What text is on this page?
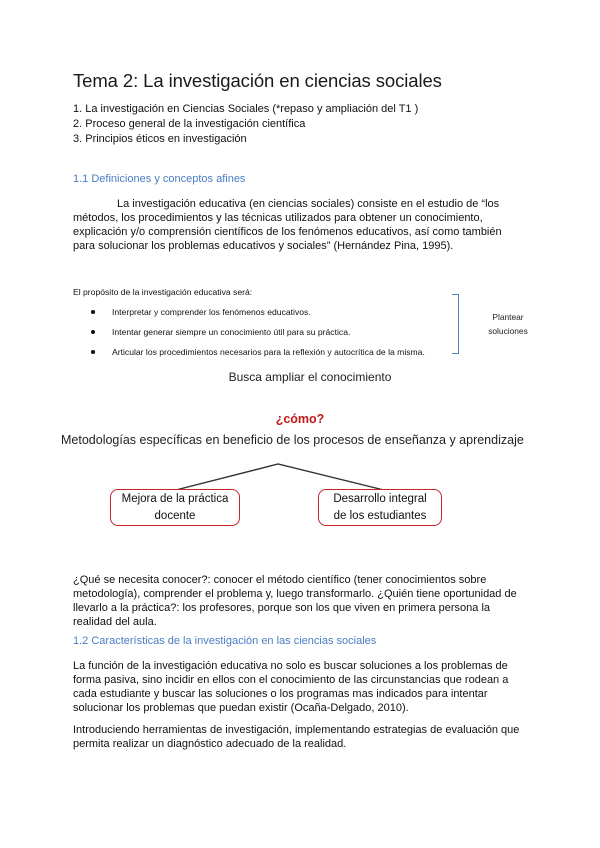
Tema 2: La investigación en ciencias sociales
1. La investigación en Ciencias Sociales (*repaso y ampliación del T1 )
2. Proceso general de la investigación científica
3. Principios éticos en investigación
1.1 Definiciones y conceptos afines

La investigación educativa (en ciencias sociales) consiste en el estudio de “los métodos, los procedimientos y las técnicas utilizados para obtener un conocimiento, explicación y/o comprensión científicos de los fenómenos educativos, así como también para solucionar los problemas educativos y sociales” (Hernández Pina, 1995).

El propósito de la investigación educativa será:
Interpretar y comprender los fenómenos educativos.
Intentar generar siempre un conocimiento útil para su práctica.
Articular los procedimientos necesarios para la reflexión y autocrítica de la misma.
Plantear
soluciones
Busca ampliar el conocimiento
¿cómo?
Metodologías específicas en beneficio de los procesos de enseñanza y aprendizaje
Mejora de la práctica
docente
Desarrollo integral
de los estudiantes

¿Qué se necesita conocer?: conocer el método científico (tener conocimientos sobre metodología), comprender el problema y, luego transformarlo. ¿Quién tiene oportunidad de llevarlo a la práctica?: los profesores, porque son los que viven en primera persona la realidad del aula.

1.2 Características de la investigación en las ciencias sociales

La función de la investigación educativa no solo es buscar soluciones a los problemas de forma pasiva, sino incidir en ellos con el conocimiento de las circunstancias que rodean a cada estudiante y buscar las soluciones o los programas mas indicados para intentar solucionar los problemas que puedan existir (Ocaña-Delgado, 2010).

Introduciendo herramientas de investigación, implementando estrategias de evaluación que permita realizar un diagnóstico adecuado de la realidad.
